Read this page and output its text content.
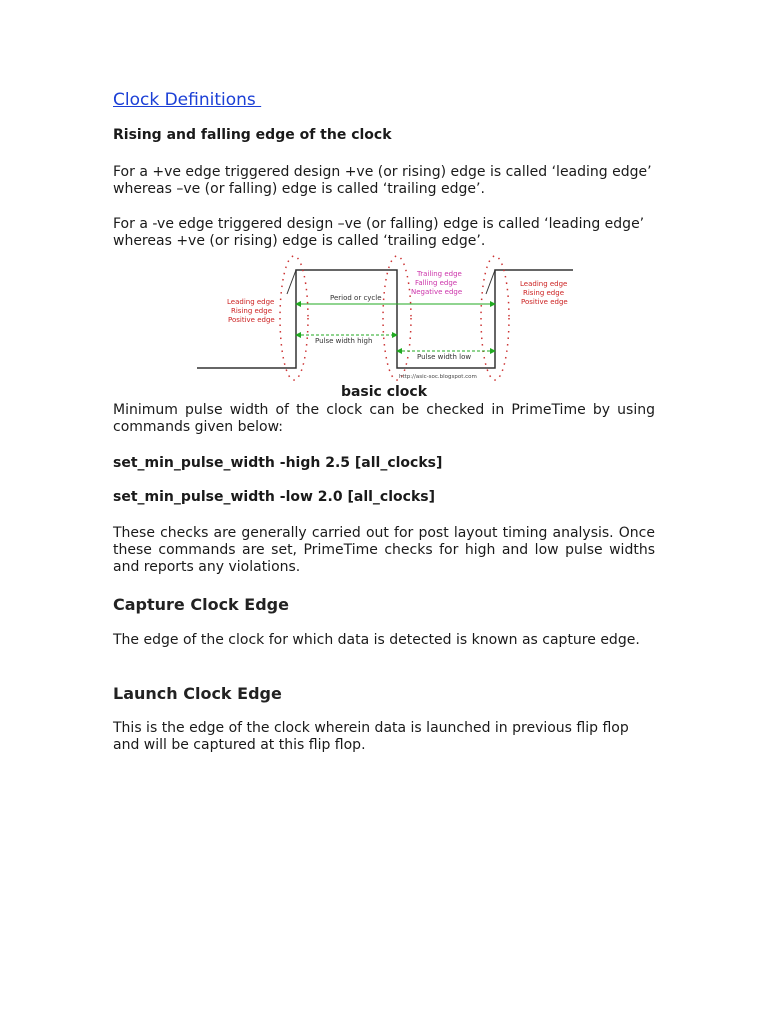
Clock Definitions
Rising and falling edge of the clock
For a +ve edge triggered design +ve (or rising) edge is called ‘leading edge’ whereas –ve (or falling) edge is called ‘trailing edge’.
For a -ve edge triggered design –ve (or falling) edge is called ‘leading edge’ whereas +ve (or rising) edge is called ‘trailing edge’.
basic clock
Minimum pulse width of the clock can be checked in PrimeTime by using commands given below:
set_min_pulse_width -high 2.5 [all_clocks]
set_min_pulse_width -low 2.0 [all_clocks]
These checks are generally carried out for post layout timing analysis. Once these commands are set, PrimeTime checks for high and low pulse widths and reports any violations.
Capture Clock Edge
The edge of the clock for which data is detected is known as capture edge.
Launch Clock Edge
This is the edge of the clock wherein data is launched in previous flip flop and will be captured at this flip flop.
Period or cycle
Pulse width high
Pulse width low
Leading edge
Rising edge
Positive edge
Trailing edge
Falling edge
Negative edge
Leading edge
Rising edge
Positive edge
http://asic-soc.blogspot.com
